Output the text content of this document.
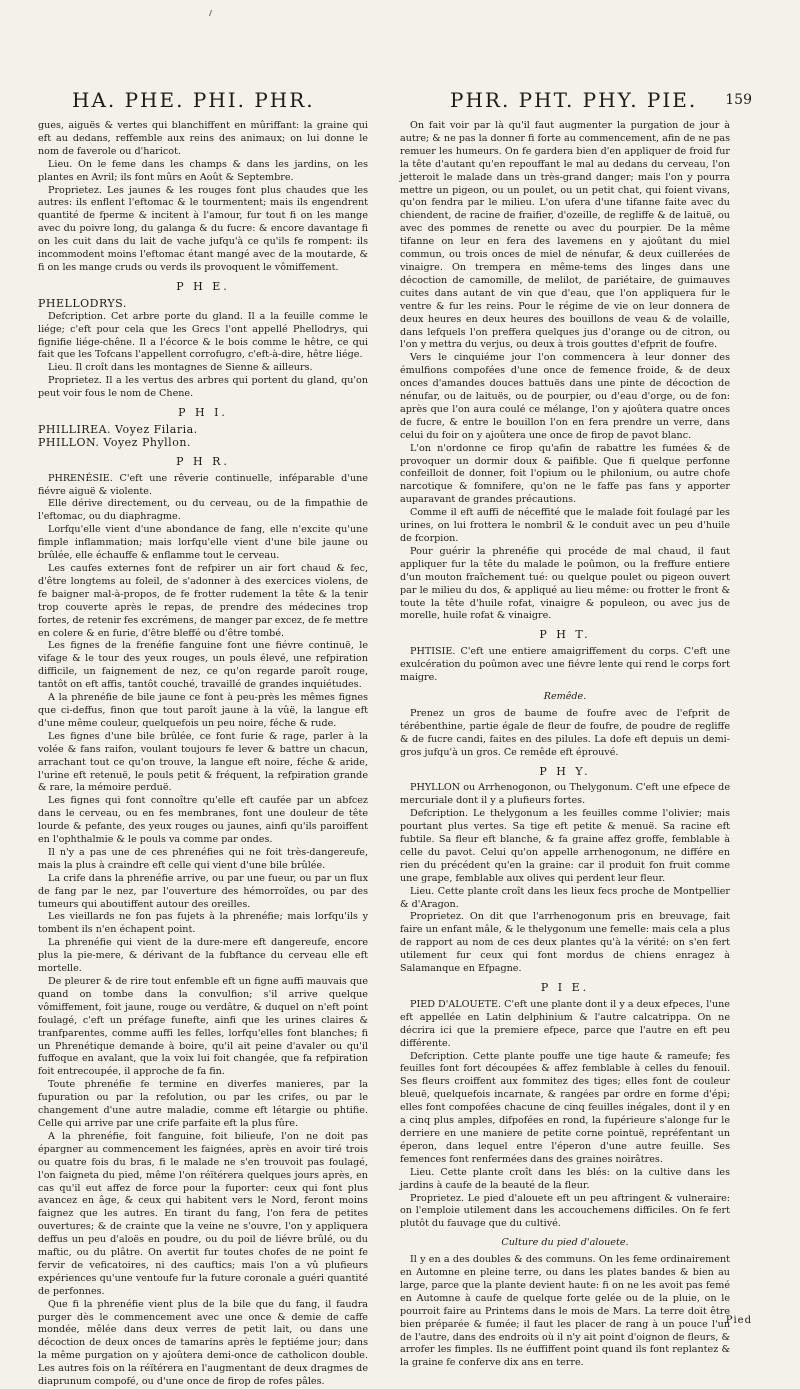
HA. PHE. PHI. PHR.	PHR. PHT. PHY. PIE. 159

gues, aiguës & vertes qui blanchiffent en mûriffant: la graine qui eft au dedans, reffemble aux reins des animaux; on lui donne le nom de faverole ou d'haricot.

Lieu. On le feme dans les champs & dans les jardins, on les plantes en Avril; ils font mûrs en Août & Septembre.

Proprietez. Les jaunes & les rouges font plus chaudes que les autres: ils enflent l'eftomac & le tourmentent; mais ils engendrent quantité de fperme & incitent à l'amour, fur tout fi on les mange avec du poivre long, du galanga & du fucre: & encore davantage fi on les cuit dans du lait de vache jufqu'à ce qu'ils fe rompent: ils incommodent moins l'eftomac étant mangé avec de la moutarde, & fi on les mange cruds ou verds ils provoquent le vômiffement.

P H E.

PHELLODRYS.

Defcription. Cet arbre porte du gland. Il a la feuille comme le liége; c'eft pour cela que les Grecs l'ont appellé Phellodrys, qui fignifie liége-chêne. Il a l'écorce & le bois comme le hêtre, ce qui fait que les Tofcans l'appellent corrofugro, c'eft-à-dire, hêtre liége.

Lieu. Il croît dans les montagnes de Sienne & ailleurs.

Proprietez. Il a les vertus des arbres qui portent du gland, qu'on peut voir fous le nom de Chene.

P H I.

PHILLIREA. Voyez Filaria.

PHILLON. Voyez Phyllon.

P H R.

PHRENÉSIE. C'eft une rêverie continuelle, inféparable d'une fiévre aiguë & violente.

Elle dérive directement, ou du cerveau, ou de la fimpathie de l'eftomac, ou du diaphragme.

Lorfqu'elle vient d'une abondance de fang, elle n'excite qu'une fimple inflammation; mais lorfqu'elle vient d'une bile jaune ou brûlée, elle échauffe & enflamme tout le cerveau.

Les caufes externes font de refpirer un air fort chaud & fec, d'être longtems au foleil, de s'adonner à des exercices violens, de fe baigner mal-à-propos, de fe frotter rudement la tête & la tenir trop couverte après le repas, de prendre des médecines trop fortes, de retenir fes excrémens, de manger par excez, de fe mettre en colere & en furie, d'être bleffé ou d'être tombé.

Les fignes de la frenéfie fanguine font une fiévre continuë, le vifage & le tour des yeux rouges, un pouls élevé, une refpiration difficile, un faignement de nez, ce qu'on regarde paroît rouge, tantôt on eft affis, tantôt couché, travaillé de grandes inquiétudes.

A la phrenéfie de bile jaune ce font à peu-près les mêmes fignes que ci-deffus, finon que tout paroît jaune à la vûë, la langue eft d'une même couleur, quelquefois un peu noire, féche & rude.

Les fignes d'une bile brûlée, ce font furie & rage, parler à la volée & fans raifon, voulant toujours fe lever & battre un chacun, arrachant tout ce qu'on trouve, la langue eft noire, féche & aride, l'urine eft retenuë, le pouls petit & fréquent, la refpiration grande & rare, la mémoire perduë.

Les fignes qui font connoître qu'elle eft caufée par un abfcez dans le cerveau, ou en fes membranes, font une douleur de tête lourde & pefante, des yeux rouges ou jaunes, ainfi qu'ils paroiffent en l'ophthalmie & le pouls va comme par ondes.

Il n'y a pas une de ces phrenéfies qui ne foit très-dangereufe, mais la plus à craindre eft celle qui vient d'une bile brûlée.

La crife dans la phrenéfie arrive, ou par une fueur, ou par un flux de fang par le nez, par l'ouverture des hémorroïdes, ou par des tumeurs qui aboutiffent autour des oreilles.

Les vieillards ne fon pas fujets à la phrenéfie; mais lorfqu'ils y tombent ils n'en échapent point.

La phrenéfie qui vient de la dure-mere eft dangereufe, encore plus la pie-mere, & dérivant de la fubftance du cerveau elle eft mortelle.

De pleurer & de rire tout enfemble eft un figne auffi mauvais que quand on tombe dans la convulfion; s'il arrive quelque vômiffement, foit jaune, rouge ou verdâtre, & duquel on n'eft point foulagé, c'eft un préfage funefte, ainfi que les urines claires & tranfparentes, comme auffi les felles, lorfqu'elles font blanches; fi un Phrenétique demande à boire, qu'il ait peine d'avaler ou qu'il fuffoque en avalant, que la voix lui foit changée, que fa refpiration foit entrecoupée, il approche de fa fin.

Toute phrenéfie fe termine en diverfes manieres, par la fupuration ou par la refolution, ou par les crifes, ou par le changement d'une autre maladie, comme eft létargie ou phtifie. Celle qui arrive par une crife parfaite eft la plus fûre.

A la phrenéfie, foit fanguine, foit bilieufe, l'on ne doit pas épargner au commencement les faignées, après en avoir tiré trois ou quatre fois du bras, fi le malade ne s'en trouvoit pas foulagé, l'on faigneta du pied, même l'on réïtérera quelques jours après, en cas qu'il eut affez de force pour la fuporter: ceux qui font plus avancez en âge, & ceux qui habitent vers le Nord, feront moins faignez que les autres. En tirant du fang, l'on fera de petites ouvertures; & de crainte que la veine ne s'ouvre, l'on y appliquera deffus un peu d'aloës en poudre, ou du poil de liévre brûlé, ou du maftic, ou du plâtre. On avertit fur toutes chofes de ne point fe fervir de veficatoires, ni des cauftics; mais l'on a vû plufieurs expériences qu'une ventoufe fur la future coronale a guéri quantité de perfonnes.

Que fi la phrenéfie vient plus de la bile que du fang, il faudra purger dès le commencement avec une once & demie de caffe mondée, mêlée dans deux verres de petit lait, ou dans une décoction de deux onces de tamarins après le feptiéme jour; dans la même purgation on y ajoûtera demi-once de catholicon double. Les autres fois on la réïtérera en l'augmentant de deux dragmes de diaprunum compofé, ou d'une once de firop de rofes pâles.

On fait voir par là qu'il faut augmenter la purgation de jour à autre; & ne pas la donner fi forte au commencement, afin de ne pas remuer les humeurs. On fe gardera bien d'en appliquer de froid fur la tête d'autant qu'en repouffant le mal au dedans du cerveau, l'on jetteroit le malade dans un très-grand danger; mais l'on y pourra mettre un pigeon, ou un poulet, ou un petit chat, qui foient vivans, qu'on fendra par le milieu. L'on ufera d'une tifanne faite avec du chiendent, de racine de fraifier, d'ozeille, de regliffe & de laituë, ou avec des pommes de renette ou avec du pourpier. De la même tifanne on leur en fera des lavemens en y ajoûtant du miel commun, ou trois onces de miel de nénufar, & deux cuillerées de vinaigre. On trempera en même-tems des linges dans une décoction de camomille, de melilot, de pariétaire, de guimauves cuites dans autant de vin que d'eau, que l'on appliquera fur le ventre & fur les reins. Pour le régime de vie on leur donnera de deux heures en deux heures des bouillons de veau & de volaille, dans lefquels l'on preffera quelques jus d'orange ou de citron, ou l'on y mettra du verjus, ou deux à trois gouttes d'efprit de foufre.

Vers le cinquiéme jour l'on commencera à leur donner des émulfions compofées d'une once de femence froide, & de deux onces d'amandes douces battuës dans une pinte de décoction de nénufar, ou de laituës, ou de pourpier, ou d'eau d'orge, ou de fon: après que l'on aura coulé ce mélange, l'on y ajoûtera quatre onces de fucre, & entre le bouillon l'on en fera prendre un verre, dans celui du foir on y ajoûtera une once de firop de pavot blanc.

L'on n'ordonne ce firop qu'afin de rabattre les fumées & de provoquer un dormir doux & paifible. Que fi quelque perfonne confeilloit de donner, foit l'opium ou le philonium, ou autre chofe narcotique & fomnifere, qu'on ne le faffe pas fans y apporter auparavant de grandes précautions.

Comme il eft auffi de néceffité que le malade foit foulagé par les urines, on lui frottera le nombril & le conduit avec un peu d'huile de fcorpion.

Pour guérir la phrenéfie qui procéde de mal chaud, il faut appliquer fur la tête du malade le poûmon, ou la freffure entiere d'un mouton fraîchement tué: ou quelque poulet ou pigeon ouvert par le milieu du dos, & appliqué au lieu même: ou frotter le front & toute la tête d'huile rofat, vinaigre & populeon, ou avec jus de morelle, huile rofat & vinaigre.

P H T.

PHTISIE. C'eft une entiere amaigriffement du corps. C'eft une exulcération du poûmon avec une fiévre lente qui rend le corps fort maigre.

Remêde.

Prenez un gros de baume de foufre avec de l'efprit de térébenthine, partie égale de fleur de foufre, de poudre de regliffe & de fucre candi, faites en des pilules. La dofe eft depuis un demi-gros jufqu'à un gros. Ce remêde eft éprouvé.

P H Y.

PHYLLON ou Arrhenogonon, ou Thelygonum. C'eft une efpece de mercuriale dont il y a plufieurs fortes.

Defcription. Le thelygonum a les feuilles comme l'olivier; mais pourtant plus vertes. Sa tige eft petite & menuë. Sa racine eft fubtile. Sa fleur eft blanche, & fa graine affez groffe, femblable à celle du pavot. Celui qu'on appelle arrhenogonum, ne différe en rien du précédent qu'en la graine: car il produit fon fruit comme une grape, femblable aux olives qui perdent leur fleur.

Lieu. Cette plante croît dans les lieux fecs proche de Montpellier & d'Aragon.

Proprietez. On dit que l'arrhenogonum pris en breuvage, fait faire un enfant mâle, & le thelygonum une femelle: mais cela a plus de rapport au nom de ces deux plantes qu'à la vérité: on s'en fert utilement fur ceux qui font mordus de chiens enragez à Salamanque en Efpagne.

P I E.

PIED D'ALOUETE. C'eft une plante dont il y a deux efpeces, l'une eft appellée en Latin delphinium & l'autre calcatrippa. On ne décrira ici que la premiere efpece, parce que l'autre en eft peu différente.

Defcription. Cette plante pouffe une tige haute & rameufe; fes feuilles font fort découpées & affez femblable à celles du fenouil. Ses fleurs croiffent aux fommitez des tiges; elles font de couleur bleuë, quelquefois incarnate, & rangées par ordre en forme d'épi; elles font compofées chacune de cinq feuilles inégales, dont il y en a cinq plus amples, difpofées en rond, la fupérieure s'alonge fur le derriere en une maniere de petite corne pointuë, repréfentant un éperon, dans lequel entre l'éperon d'une autre feuille. Ses femences font renfermées dans des graines noirâtres.

Lieu. Cette plante croît dans les blés: on la cultive dans les jardins à caufe de la beauté de la fleur.

Proprietez. Le pied d'alouete eft un peu aftringent & vulneraire: on l'emploie utilement dans les accouchemens difficiles. On fe fert plutôt du fauvage que du cultivé.

Culture du pied d'alouete.

Il y en a des doubles & des communs. On les feme ordinairement en Automne en pleine terre, ou dans les plates bandes & bien au large, parce que la plante devient haute: fi on ne les avoit pas femé en Automne à caufe de quelque forte gelée ou de la pluie, on le pourroit faire au Printems dans le mois de Mars. La terre doit être bien préparée & fumée; il faut les placer de rang à un pouce l'un de l'autre, dans des endroits où il n'y ait point d'oignon de fleurs, & arrofer les fimples. Ils ne éuffiffent point quand ils font replantez & la graine fe conferve dix ans en terre.

Pied
